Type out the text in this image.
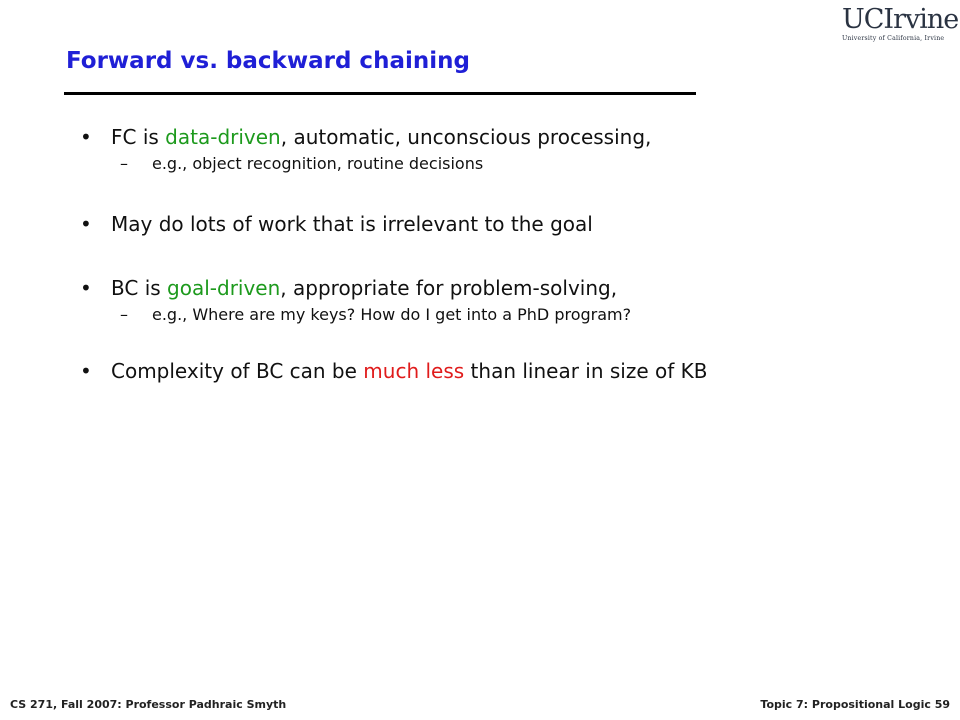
UCIrvine
University of California, Irvine
Forward vs. backward chaining
• FC is data-driven, automatic, unconscious processing,
– e.g., object recognition, routine decisions
• May do lots of work that is irrelevant to the goal
• BC is goal-driven, appropriate for problem-solving,
– e.g., Where are my keys? How do I get into a PhD program?
• Complexity of BC can be much less than linear in size of KB
CS 271, Fall 2007: Professor Padhraic Smyth	Topic 7: Propositional Logic 59
